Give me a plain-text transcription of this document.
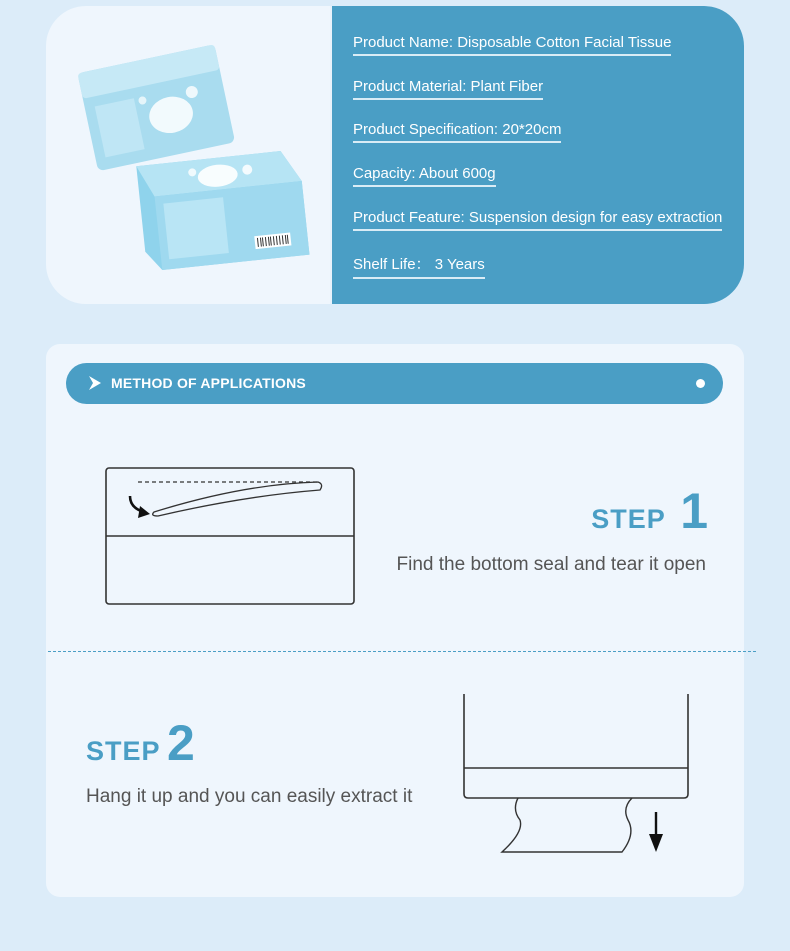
Product Name: Disposable Cotton Facial Tissue
Product Material: Plant Fiber
Product Specification: 20*20cm
Capacity: About 600g
Product Feature: Suspension design for easy extraction
Shelf Life： 3 Years
METHOD OF APPLICATIONS
STEP 1
Find the bottom seal and tear it open
STEP 2
Hang it up and you can easily extract it
